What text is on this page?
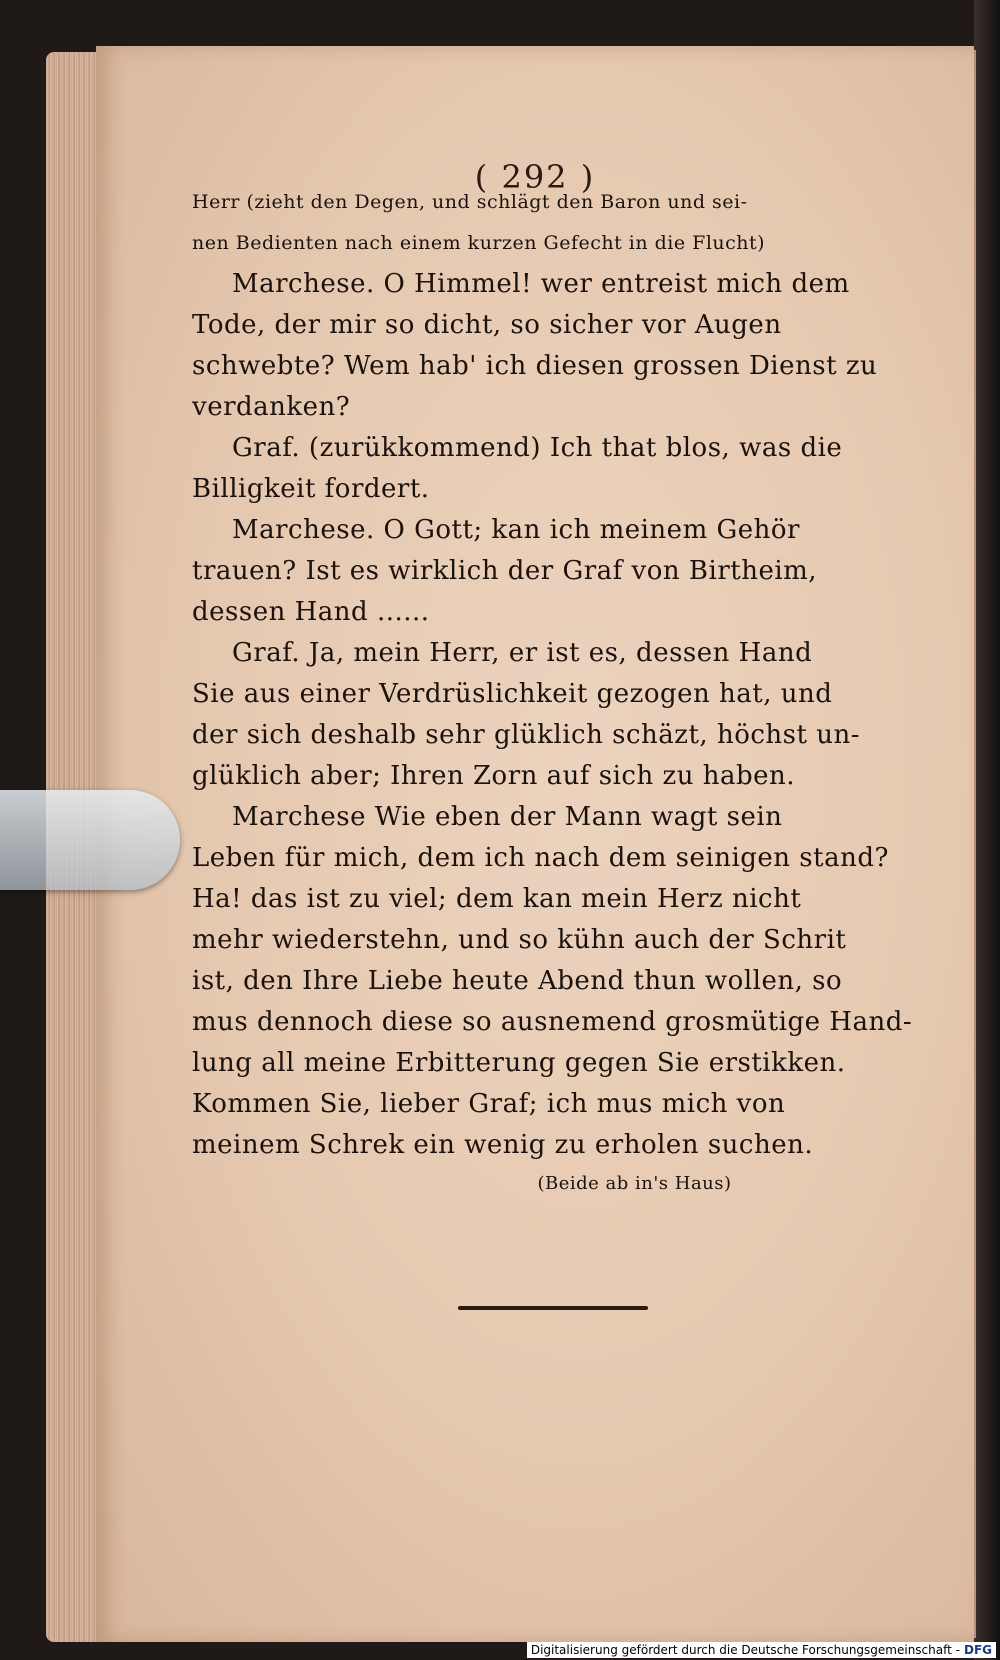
( 292 )
Herr (zieht den Degen, und schlägt den Baron und sei-
nen Bedienten nach einem kurzen Gefecht in die Flucht)
Marchese. O Himmel! wer entreist mich dem
Tode, der mir so dicht, so sicher vor Augen
schwebte? Wem hab' ich diesen grossen Dienst zu
verdanken?
Graf. (zurükkommend) Ich that blos, was die
Billigkeit fordert.
Marchese. O Gott; kan ich meinem Gehör
trauen? Ist es wirklich der Graf von Birtheim,
dessen Hand ......
Graf. Ja, mein Herr, er ist es, dessen Hand
Sie aus einer Verdrüslichkeit gezogen hat, und
der sich deshalb sehr glüklich schäzt, höchst un-
glüklich aber; Ihren Zorn auf sich zu haben.
Marchese Wie eben der Mann wagt sein
Leben für mich, dem ich nach dem seinigen stand?
Ha! das ist zu viel; dem kan mein Herz nicht
mehr wiederstehn, und so kühn auch der Schrit
ist, den Ihre Liebe heute Abend thun wollen, so
mus dennoch diese so ausnemend grosmütige Hand-
lung all meine Erbitterung gegen Sie erstikken.
Kommen Sie, lieber Graf; ich mus mich von
meinem Schrek ein wenig zu erholen suchen.
(Beide ab in's Haus)
Digitalisierung gefördert durch die Deutsche Forschungsgemeinschaft - DFG
